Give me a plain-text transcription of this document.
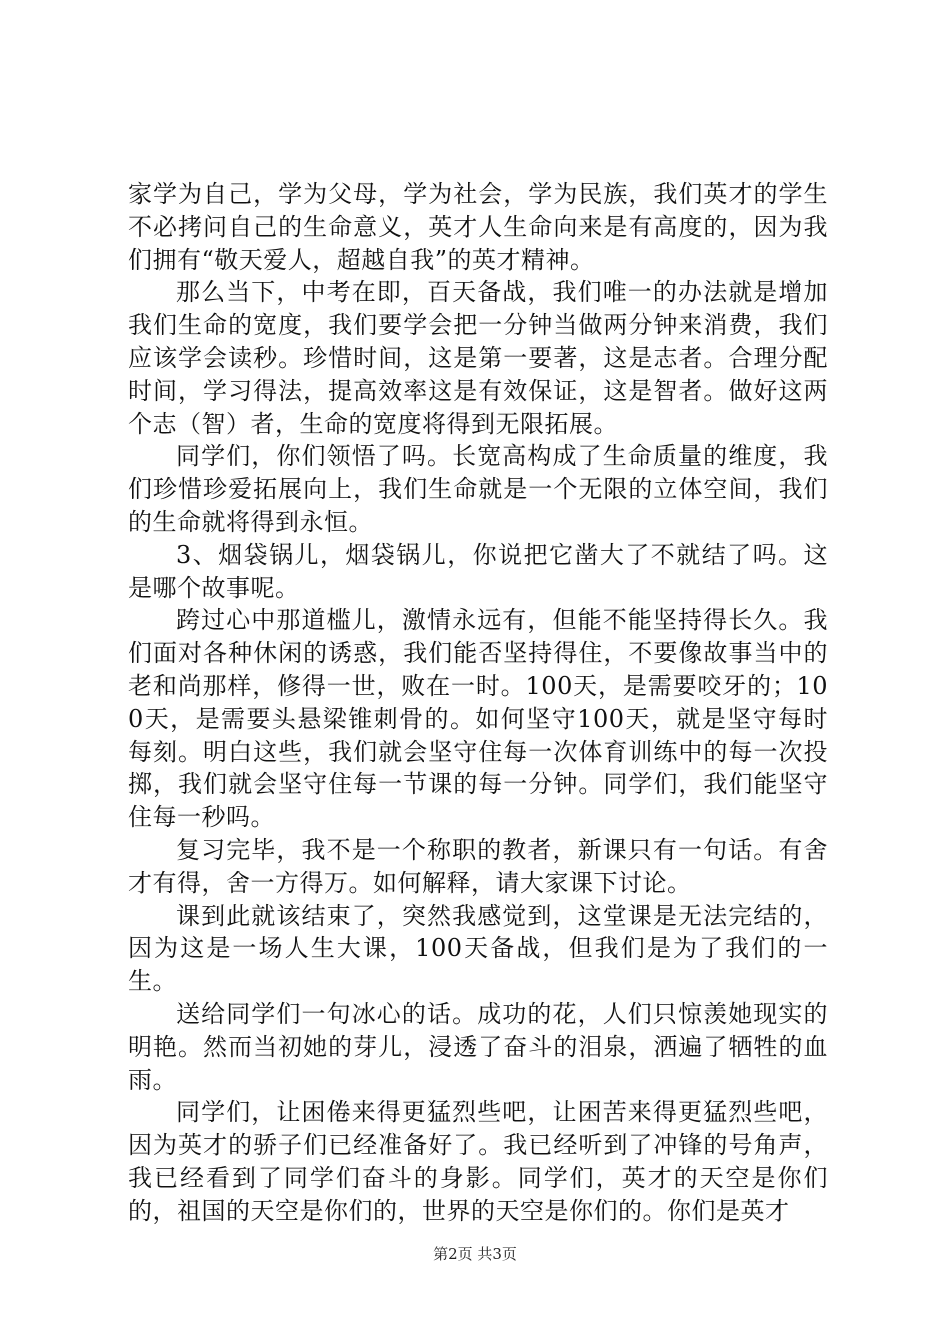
家学为自己，学为父母，学为社会，学为民族，我们英才的学生不必拷问自己的生命意义，英才人生命向来是有高度的，因为我们拥有“敬天爱人，超越自我”的英才精神。

那么当下，中考在即，百天备战，我们唯一的办法就是增加我们生命的宽度，我们要学会把一分钟当做两分钟来消费，我们应该学会读秒。珍惜时间，这是第一要著，这是志者。合理分配时间，学习得法，提高效率这是有效保证，这是智者。做好这两个志（智）者，生命的宽度将得到无限拓展。

同学们，你们领悟了吗。长宽高构成了生命质量的维度，我们珍惜珍爱拓展向上，我们生命就是一个无限的立体空间，我们的生命就将得到永恒。

3、烟袋锅儿，烟袋锅儿，你说把它凿大了不就结了吗。这是哪个故事呢。

跨过心中那道槛儿，激情永远有，但能不能坚持得长久。我们面对各种休闲的诱惑，我们能否坚持得住，不要像故事当中的老和尚那样，修得一世，败在一时。100天，是需要咬牙的；100天，是需要头悬梁锥刺骨的。如何坚守100天，就是坚守每时每刻。明白这些，我们就会坚守住每一次体育训练中的每一次投掷，我们就会坚守住每一节课的每一分钟。同学们，我们能坚守住每一秒吗。

复习完毕，我不是一个称职的教者，新课只有一句话。有舍才有得，舍一方得万。如何解释，请大家课下讨论。

课到此就该结束了，突然我感觉到，这堂课是无法完结的，因为这是一场人生大课，100天备战，但我们是为了我们的一生。

送给同学们一句冰心的话。成功的花，人们只惊羡她现实的明艳。然而当初她的芽儿，浸透了奋斗的泪泉，洒遍了牺牲的血雨。

同学们，让困倦来得更猛烈些吧，让困苦来得更猛烈些吧，因为英才的骄子们已经准备好了。我已经听到了冲锋的号角声，我已经看到了同学们奋斗的身影。同学们，英才的天空是你们的，祖国的天空是你们的，世界的天空是你们的。你们是英才

第2页 共3页
